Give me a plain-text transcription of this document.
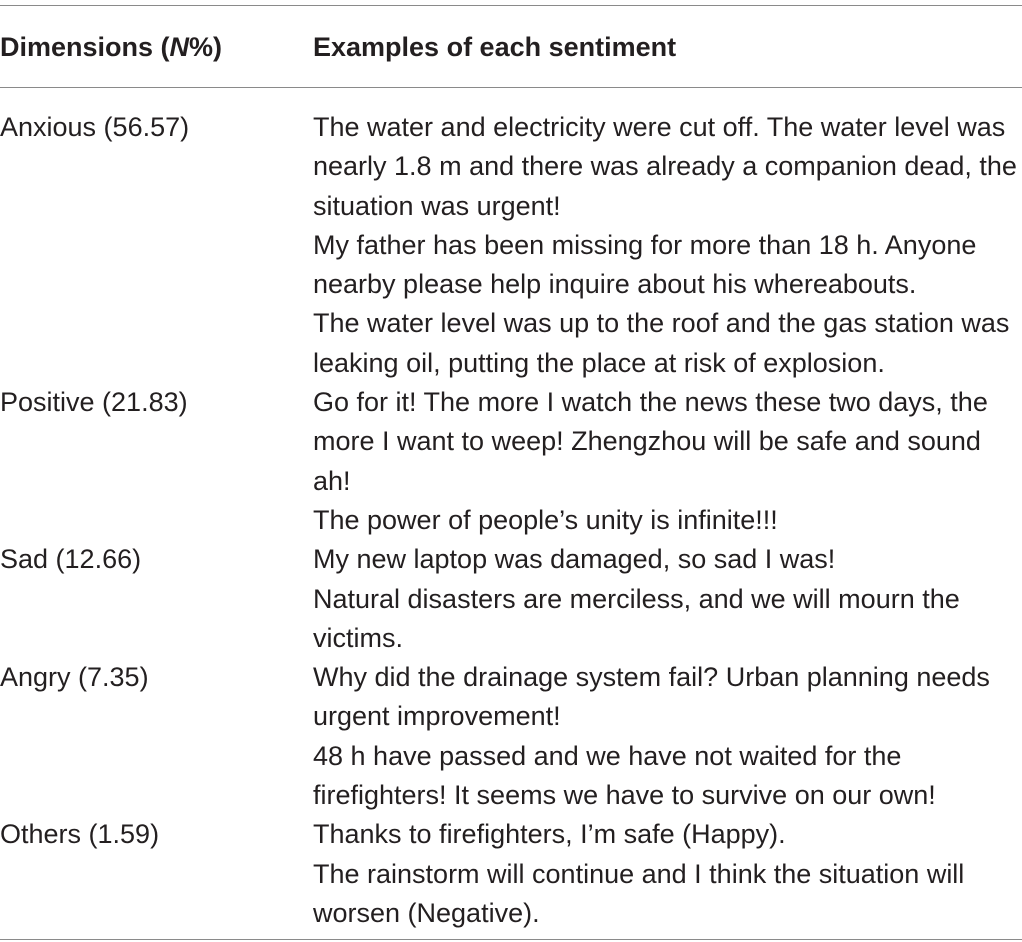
Dimensions (N%)	Examples of each sentiment
Anxious (56.57)	The water and electricity were cut off. The water level was nearly 1.8 m and there was already a companion dead, the situation was urgent!
My father has been missing for more than 18 h. Anyone nearby please help inquire about his whereabouts.
The water level was up to the roof and the gas station was leaking oil, putting the place at risk of explosion.
Positive (21.83)	Go for it! The more I watch the news these two days, the more I want to weep! Zhengzhou will be safe and sound ah!
The power of people’s unity is infinite!!!
Sad (12.66)	My new laptop was damaged, so sad I was!
Natural disasters are merciless, and we will mourn the victims.
Angry (7.35)	Why did the drainage system fail? Urban planning needs urgent improvement!
48 h have passed and we have not waited for the firefighters! It seems we have to survive on our own!
Others (1.59)	Thanks to firefighters, I’m safe (Happy).
The rainstorm will continue and I think the situation will worsen (Negative).
